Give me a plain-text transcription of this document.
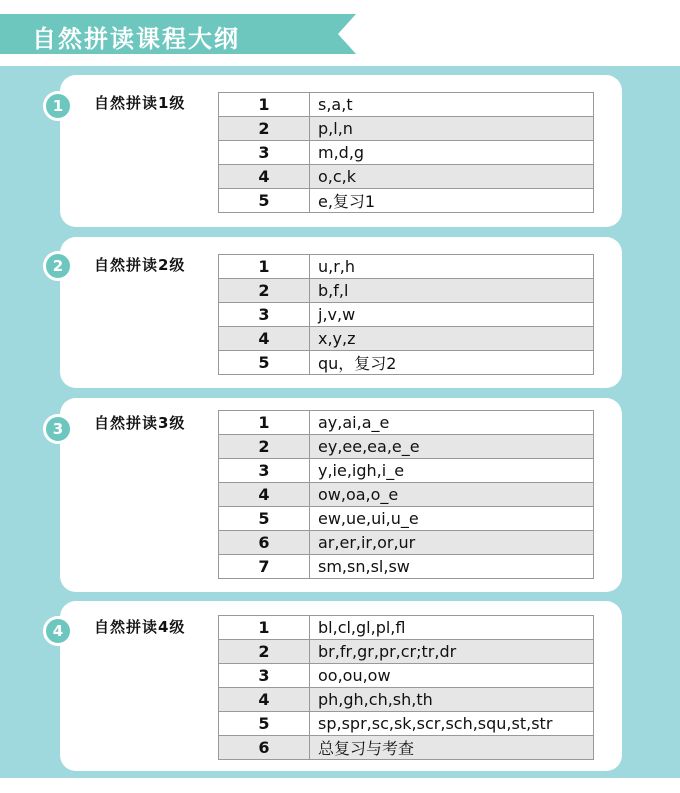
自然拼读课程大纲
自然拼读1级	1	s,a,t
2	p,l,n
3	m,d,g
4	o,c,k
5	e,复习1
1
自然拼读2级	1	u,r,h
2	b,f,l
3	j,v,w
4	x,y,z
5	qu，复习2
2
自然拼读3级	1	ay,ai,a_e
2	ey,ee,ea,e_e
3	y,ie,igh,i_e
4	ow,oa,o_e
5	ew,ue,ui,u_e
6	ar,er,ir,or,ur
7	sm,sn,sl,sw
3
自然拼读4级	1	bl,cl,gl,pl,fl
2	br,fr,gr,pr,cr;tr,dr
3	oo,ou,ow
4	ph,gh,ch,sh,th
5	sp,spr,sc,sk,scr,sch,squ,st,str
6	总复习与考查
4
